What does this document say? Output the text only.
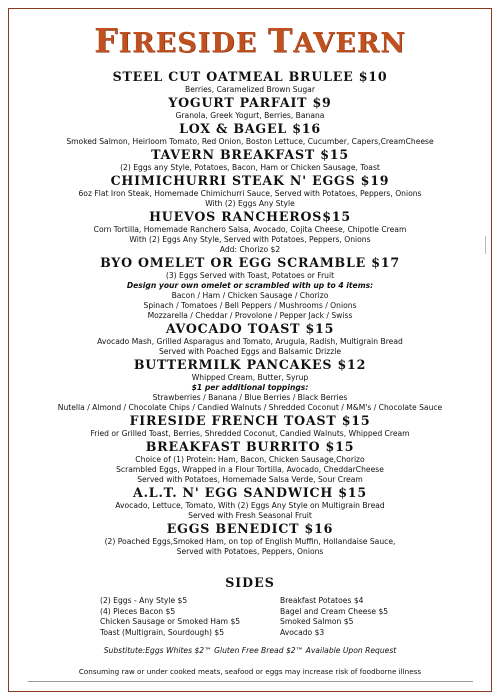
FIRESIDE TAVERN
STEEL CUT OATMEAL BRULEE $10
Berries, Caramelized Brown Sugar
YOGURT PARFAIT $9
Granola, Greek Yogurt, Berries, Banana
LOX & BAGEL $16
Smoked Salmon, Heirloom Tomato, Red Onion, Boston Lettuce, Cucumber, Capers,CreamCheese
TAVERN BREAKFAST $15
(2) Eggs any Style, Potatoes, Bacon, Ham or Chicken Sausage, Toast
CHIMICHURRI STEAK N' EGGS $19
6oz Flat Iron Steak, Homemade Chimichurri Sauce, Served with Potatoes, Peppers, Onions
With (2) Eggs Any Style
HUEVOS RANCHEROS$15
Corn Tortilla, Homemade Ranchero Salsa, Avocado, Cojita Cheese, Chipotle Cream
With (2) Eggs Any Style, Served with Potatoes, Peppers, Onions
Add: Chorizo $2
BYO OMELET OR EGG SCRAMBLE $17
(3) Eggs Served with Toast, Potatoes or Fruit
Design your own omelet or scrambled with up to 4 items:
Bacon / Ham / Chicken Sausage / Chorizo
Spinach / Tomatoes / Bell Peppers / Mushrooms / Onions
Mozzarella / Cheddar / Provolone / Pepper Jack / Swiss
AVOCADO TOAST $15
Avocado Mash, Grilled Asparagus and Tomato, Arugula, Radish, Multigrain Bread
Served with Poached Eggs and Balsamic Drizzle
BUTTERMILK PANCAKES $12
Whipped Cream, Butter, Syrup
$1 per additional toppings:
Strawberries / Banana / Blue Berries / Black Berries
Nutella / Almond / Chocolate Chips / Candied Walnuts / Shredded Coconut / M&M's / Chocolate Sauce
FIRESIDE FRENCH TOAST $15
Fried or Grilled Toast, Berries, Shredded Coconut, Candied Walnuts, Whipped Cream
BREAKFAST BURRITO $15
Choice of (1) Protein: Ham, Bacon, Chicken Sausage,Chorizo
Scrambled Eggs, Wrapped in a Flour Tortilla, Avocado, CheddarCheese
Served with Potatoes, Homemade Salsa Verde, Sour Cream
A.L.T. N' EGG SANDWICH $15
Avocado, Lettuce, Tomato, With (2) Eggs Any Style on Multigrain Bread
Served with Fresh Seasonal Fruit
EGGS BENEDICT $16
(2) Poached Eggs,Smoked Ham, on top of English Muffin, Hollandaise Sauce,
Served with Potatoes, Peppers, Onions
SIDES
(2) Eggs - Any Style $5
(4) Pieces Bacon $5
Chicken Sausage or Smoked Ham $5
Toast (Multigrain, Sourdough) $5
Breakfast Potatoes $4
Bagel and Cream Cheese $5
Smoked Salmon $5
Avocado $3
Substitute:Eggs Whites $2™ Gluten Free Bread $2™ Available Upon Request
Consuming raw or under cooked meats, seafood or eggs may increase risk of foodborne illness
